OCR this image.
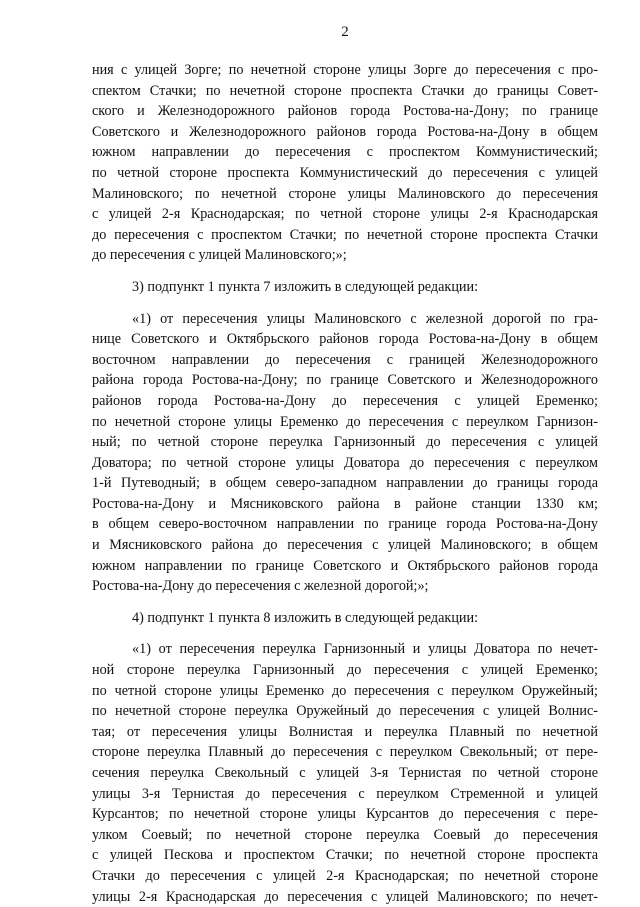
2
ния с улицей Зорге; по нечетной стороне улицы Зорге до пересечения с про-
спектом Стачки; по нечетной стороне проспекта Стачки до границы Совет-
ского и Железнодорожного районов города Ростова-на-Дону; по границе
Советского и Железнодорожного районов города Ростова-на-Дону в общем
южном направлении до пересечения с проспектом Коммунистический;
по четной стороне проспекта Коммунистический до пересечения с улицей
Малиновского; по нечетной стороне улицы Малиновского до пересечения
с улицей 2-я Краснодарская; по четной стороне улицы 2-я Краснодарская
до пересечения с проспектом Стачки; по нечетной стороне проспекта Стачки
до пересечения с улицей Малиновского;»;
3) подпункт 1 пункта 7 изложить в следующей редакции:
«1) от пересечения улицы Малиновского с железной дорогой по гра-
нице Советского и Октябрьского районов города Ростова-на-Дону в общем
восточном направлении до пересечения с границей Железнодорожного
района города Ростова-на-Дону; по границе Советского и Железнодорожного
районов города Ростова-на-Дону до пересечения с улицей Еременко;
по нечетной стороне улицы Еременко до пересечения с переулком Гарнизон-
ный; по четной стороне переулка Гарнизонный до пересечения с улицей
Доватора; по четной стороне улицы Доватора до пересечения с переулком
1-й Путеводный; в общем северо-западном направлении до границы города
Ростова-на-Дону и Мясниковского района в районе станции 1330 км;
в общем северо-восточном направлении по границе города Ростова-на-Дону
и Мясниковского района до пересечения с улицей Малиновского; в общем
южном направлении по границе Советского и Октябрьского районов города
Ростова-на-Дону до пересечения с железной дорогой;»;
4) подпункт 1 пункта 8 изложить в следующей редакции:
«1) от пересечения переулка Гарнизонный и улицы Доватора по нечет-
ной стороне переулка Гарнизонный до пересечения с улицей Еременко;
по четной стороне улицы Еременко до пересечения с переулком Оружейный;
по нечетной стороне переулка Оружейный до пересечения с улицей Волнис-
тая; от пересечения улицы Волнистая и переулка Плавный по нечетной
стороне переулка Плавный до пересечения с переулком Свекольный; от пере-
сечения переулка Свекольный с улицей 3-я Тернистая по четной стороне
улицы 3-я Тернистая до пересечения с переулком Стременной и улицей
Курсантов; по нечетной стороне улицы Курсантов до пересечения с пере-
улком Соевый; по нечетной стороне переулка Соевый до пересечения
с улицей Пескова и проспектом Стачки; по нечетной стороне проспекта
Стачки до пересечения с улицей 2-я Краснодарская; по нечетной стороне
улицы 2-я Краснодарская до пересечения с улицей Малиновского; по нечет-
